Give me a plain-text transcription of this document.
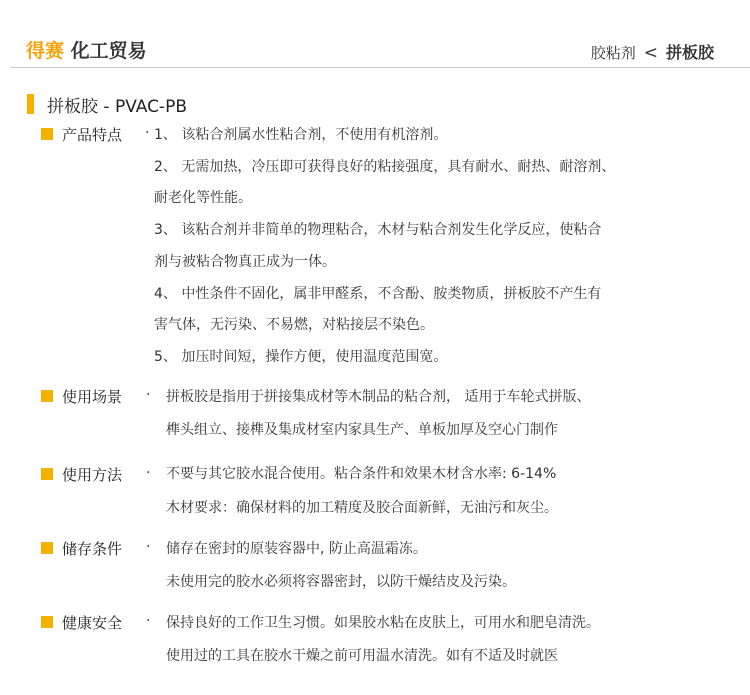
得赛 化工贸易	胶粘剂 < 拼板胶
拼板胶 - PVAC-PB
产品特点 · 1、 该粘合剂属水性粘合剂，不使用有机溶剂。
2、 无需加热，冷压即可获得良好的粘接强度，具有耐水、耐热、耐溶剂、
耐老化等性能。
3、 该粘合剂并非简单的物理粘合，木材与粘合剂发生化学反应，使粘合
剂与被粘合物真正成为一体。
4、 中性条件不固化，属非甲醛系，不含酚、胺类物质，拼板胶不产生有
害气体，无污染、不易燃，对粘接层不染色。
5、 加压时间短，操作方便，使用温度范围宽。
使用场景 · 拼板胶是指用于拼接集成材等木制品的粘合剂， 适用于车轮式拼版、
榫头组立、接榫及集成材室内家具生产、单板加厚及空心门制作
使用方法 · 不要与其它胶水混合使用。粘合条件和效果木材含水率: 6-14%
木材要求：确保材料的加工精度及胶合面新鲜，无油污和灰尘。
储存条件 · 储存在密封的原装容器中, 防止高温霜冻。
未使用完的胶水必须将容器密封，以防干燥结皮及污染。
健康安全 · 保持良好的工作卫生习惯。如果胶水粘在皮肤上，可用水和肥皂清洗。
使用过的工具在胶水干燥之前可用温水清洗。如有不适及时就医
